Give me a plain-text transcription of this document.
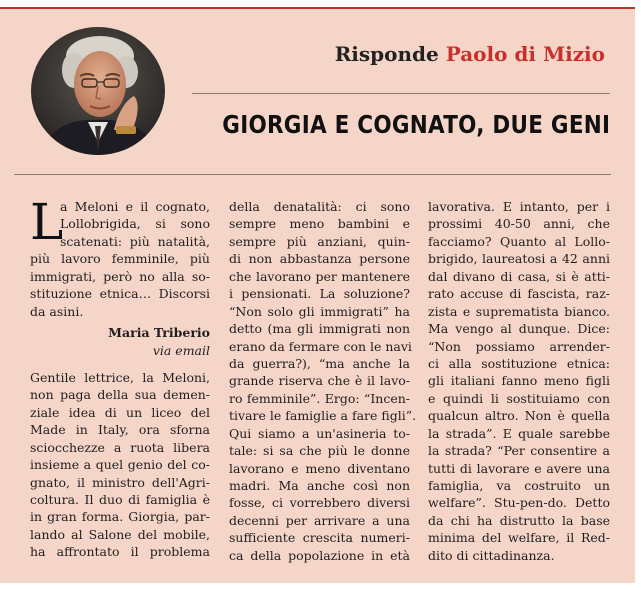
Risponde Paolo di Mizio
GIORGIA E COGNATO, DUE GENI
L
a Meloni e il cognato,
Lollobrigida, si sono
scatenati: più natalità,
più lavoro femminile, più
immigrati, però no alla so-
stituzione etnica… Discorsi
da asini.
Maria Triberio
via email
Gentile lettrice, la Meloni,
non paga della sua demen-
ziale idea di un liceo del
Made in Italy, ora sforna
sciocchezze a ruota libera
insieme a quel genio del co-
gnato, il ministro dell'Agri-
coltura. Il duo di famiglia è
in gran forma. Giorgia, par-
lando al Salone del mobile,
ha affrontato il problema
della denatalità: ci sono
sempre meno bambini e
sempre più anziani, quin-
di non abbastanza persone
che lavorano per mantenere
i pensionati. La soluzione?
“Non solo gli immigrati” ha
detto (ma gli immigrati non
erano da fermare con le navi
da guerra?), “ma anche la
grande riserva che è il lavo-
ro femminile”. Ergo: “Incen-
tivare le famiglie a fare figli”.
Qui siamo a un'asineria to-
tale: si sa che più le donne
lavorano e meno diventano
madri. Ma anche così non
fosse, ci vorrebbero diversi
decenni per arrivare a una
sufficiente crescita numeri-
ca della popolazione in età
lavorativa. E intanto, per i
prossimi 40-50 anni, che
facciamo? Quanto al Lollo-
brigido, laureatosi a 42 anni
dal divano di casa, si è atti-
rato accuse di fascista, raz-
zista e suprematista bianco.
Ma vengo al dunque. Dice:
“Non possiamo arrender-
ci alla sostituzione etnica:
gli italiani fanno meno figli
e quindi li sostituiamo con
qualcun altro. Non è quella
la strada”. E quale sarebbe
la strada? “Per consentire a
tutti di lavorare e avere una
famiglia, va costruito un
welfare”. Stu-pen-do. Detto
da chi ha distrutto la base
minima del welfare, il Red-
dito di cittadinanza.
